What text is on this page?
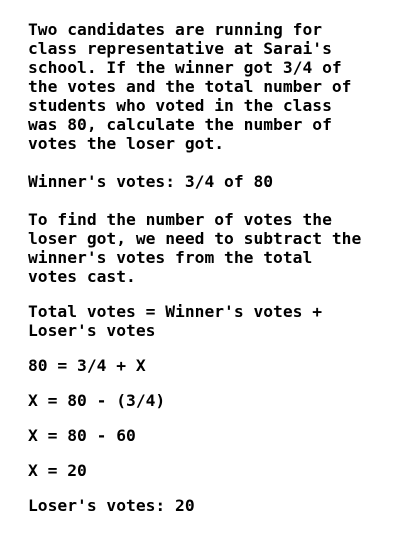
Two candidates are running for
class representative at Sarai's
school. If the winner got 3/4 of
the votes and the total number of
students who voted in the class
was 80, calculate the number of
votes the loser got.

Winner's votes: 3/4 of 80

To find the number of votes the
loser got, we need to subtract the
winner's votes from the total
votes cast.

Total votes = Winner's votes +
Loser's votes

80 = 3/4 + X

X = 80 - (3/4)

X = 80 - 60

X = 20

Loser's votes: 20
